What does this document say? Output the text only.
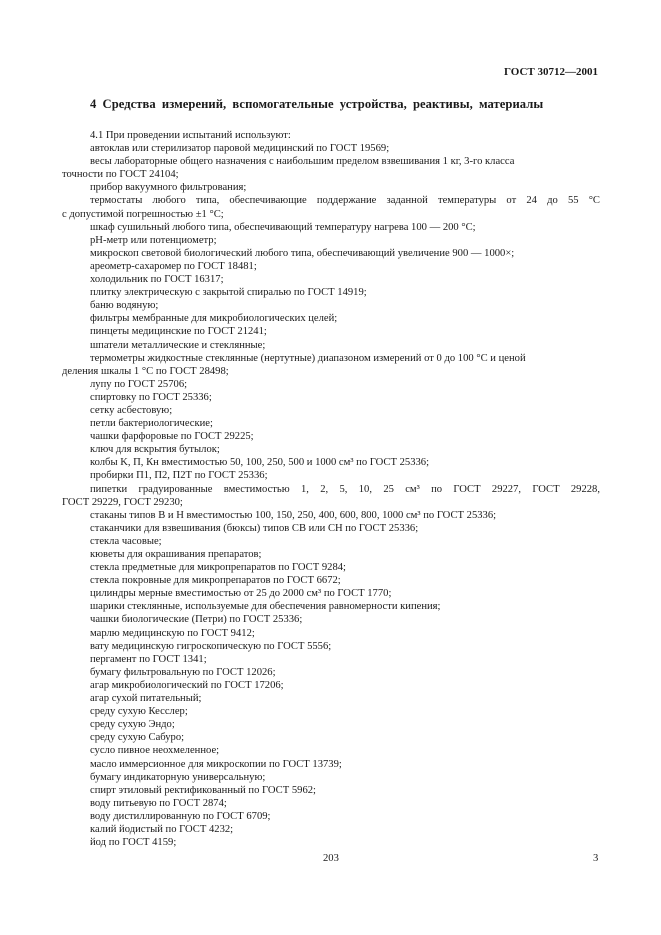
ГОСТ 30712—2001
4 Средства измерений, вспомогательные устройства, реактивы, материалы
4.1 При проведении испытаний используют:
автоклав или стерилизатор паровой медицинский по ГОСТ 19569;
весы лабораторные общего назначения с наибольшим пределом взвешивания 1 кг, 3-го класса
точности по ГОСТ 24104;
прибор вакуумного фильтрования;
термостаты любого типа, обеспечивающие поддержание заданной температуры от 24 до 55 °С
с допустимой погрешностью ±1 °С;
шкаф сушильный любого типа, обеспечивающий температуру нагрева 100 — 200 °С;
рН-метр или потенциометр;
микроскоп световой биологический любого типа, обеспечивающий увеличение 900 — 1000×;
ареометр-сахаромер по ГОСТ 18481;
холодильник по ГОСТ 16317;
плитку электрическую с закрытой спиралью по ГОСТ 14919;
баню водяную;
фильтры мембранные для микробиологических целей;
пинцеты медицинские по ГОСТ 21241;
шпатели металлические и стеклянные;
термометры жидкостные стеклянные (нертутные) диапазоном измерений от 0 до 100 °С и ценой
деления шкалы 1 °С по ГОСТ 28498;
лупу по ГОСТ 25706;
спиртовку по ГОСТ 25336;
сетку асбестовую;
петли бактериологические;
чашки фарфоровые по ГОСТ 29225;
ключ для вскрытия бутылок;
колбы K, П, Кн вместимостью 50, 100, 250, 500 и 1000 см³ по ГОСТ 25336;
пробирки П1, П2, П2Т по ГОСТ 25336;
пипетки градуированные вместимостью 1, 2, 5, 10, 25 см³ по ГОСТ 29227, ГОСТ 29228,
ГОСТ 29229, ГОСТ 29230;
стаканы типов В и Н вместимостью 100, 150, 250, 400, 600, 800, 1000 см³ по ГОСТ 25336;
стаканчики для взвешивания (бюксы) типов СВ или СН по ГОСТ 25336;
стекла часовые;
кюветы для окрашивания препаратов;
стекла предметные для микропрепаратов по ГОСТ 9284;
стекла покровные для микропрепаратов по ГОСТ 6672;
цилиндры мерные вместимостью от 25 до 2000 см³ по ГОСТ 1770;
шарики стеклянные, используемые для обеспечения равномерности кипения;
чашки биологические (Петри) по ГОСТ 25336;
марлю медицинскую по ГОСТ 9412;
вату медицинскую гигроскопическую по ГОСТ 5556;
пергамент по ГОСТ 1341;
бумагу фильтровальную по ГОСТ 12026;
агар микробиологический по ГОСТ 17206;
агар сухой питательный;
среду сухую Кесслер;
среду сухую Эндо;
среду сухую Сабуро;
сусло пивное неохмеленное;
масло иммерсионное для микроскопии по ГОСТ 13739;
бумагу индикаторную универсальную;
спирт этиловый ректификованный по ГОСТ 5962;
воду питьевую по ГОСТ 2874;
воду дистиллированную по ГОСТ 6709;
калий йодистый по ГОСТ 4232;
йод по ГОСТ 4159;
203	3
